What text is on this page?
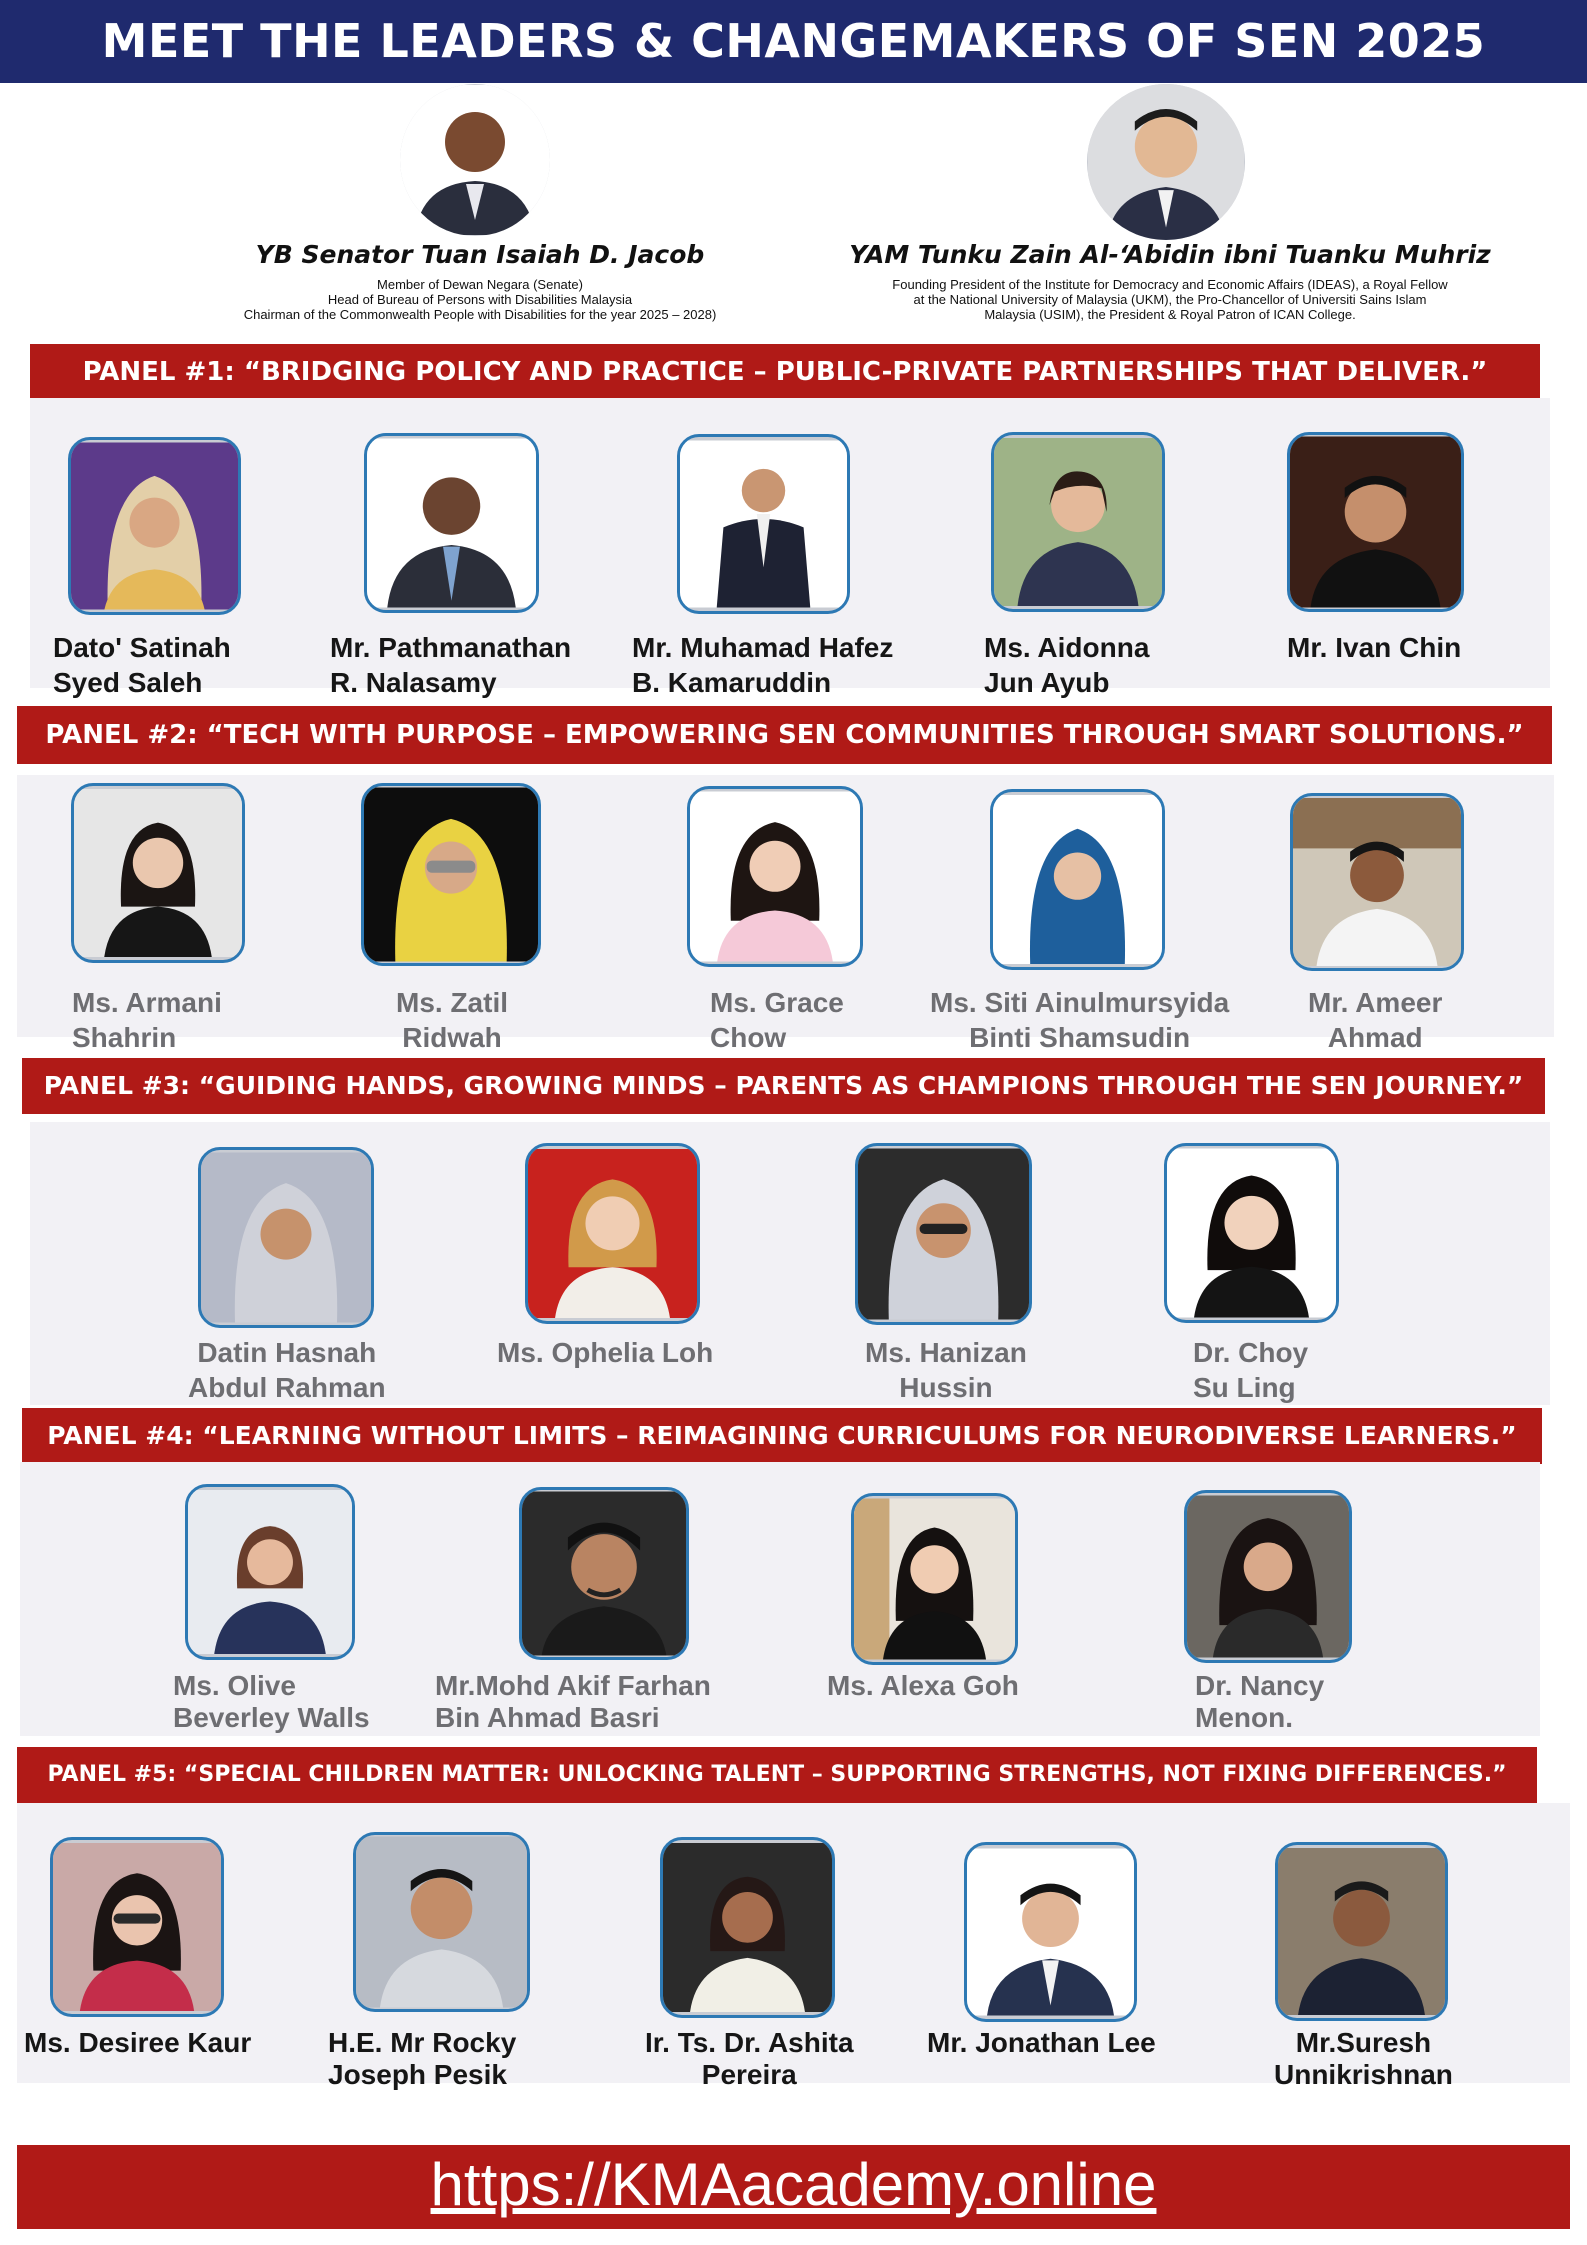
MEET THE LEADERS & CHANGEMAKERS OF SEN 2025
YB Senator Tuan Isaiah D. Jacob
Member of Dewan Negara (Senate)
Head of Bureau of Persons with Disabilities Malaysia
Chairman of the Commonwealth People with Disabilities for the year 2025 – 2028)
YAM Tunku Zain Al-‘Abidin ibni Tuanku Muhriz
Founding President of the Institute for Democracy and Economic Affairs (IDEAS), a Royal Fellow
at the National University of Malaysia (UKM), the Pro-Chancellor of Universiti Sains Islam
Malaysia (USIM), the President & Royal Patron of ICAN College.
PANEL #1: “BRIDGING POLICY AND PRACTICE – PUBLIC-PRIVATE PARTNERSHIPS THAT DELIVER.”
Dato' Satinah
Syed Saleh
Mr. Pathmanathan
R. Nalasamy
Mr. Muhamad Hafez
B. Kamaruddin
Ms. Aidonna
Jun Ayub
Mr. Ivan Chin
PANEL #2: “TECH WITH PURPOSE – EMPOWERING SEN COMMUNITIES THROUGH SMART SOLUTIONS.”
Ms. Armani
Shahrin
Ms. Zatil
Ridwah
Ms. Grace
Chow
Ms. Siti Ainulmursyida
Binti Shamsudin
Mr. Ameer
Ahmad
PANEL #3: “GUIDING HANDS, GROWING MINDS – PARENTS AS CHAMPIONS THROUGH THE SEN JOURNEY.”
Datin Hasnah
Abdul Rahman
Ms. Ophelia Loh	Ms. Hanizan
Hussin
Dr. Choy
Su Ling
PANEL #4: “LEARNING WITHOUT LIMITS – REIMAGINING CURRICULUMS FOR NEURODIVERSE LEARNERS.”
Ms. Olive
Beverley Walls
Mr.Mohd Akif Farhan
Bin Ahmad Basri
Ms. Alexa Goh	Dr. Nancy
Menon.
PANEL #5: “SPECIAL CHILDREN MATTER: UNLOCKING TALENT – SUPPORTING STRENGTHS, NOT FIXING DIFFERENCES.”
Ms. Desiree Kaur	H.E. Mr Rocky
Joseph Pesik
Ir. Ts. Dr. Ashita
Pereira
Mr. Jonathan Lee	Mr.Suresh
Unnikrishnan
https://KMAacademy.online
